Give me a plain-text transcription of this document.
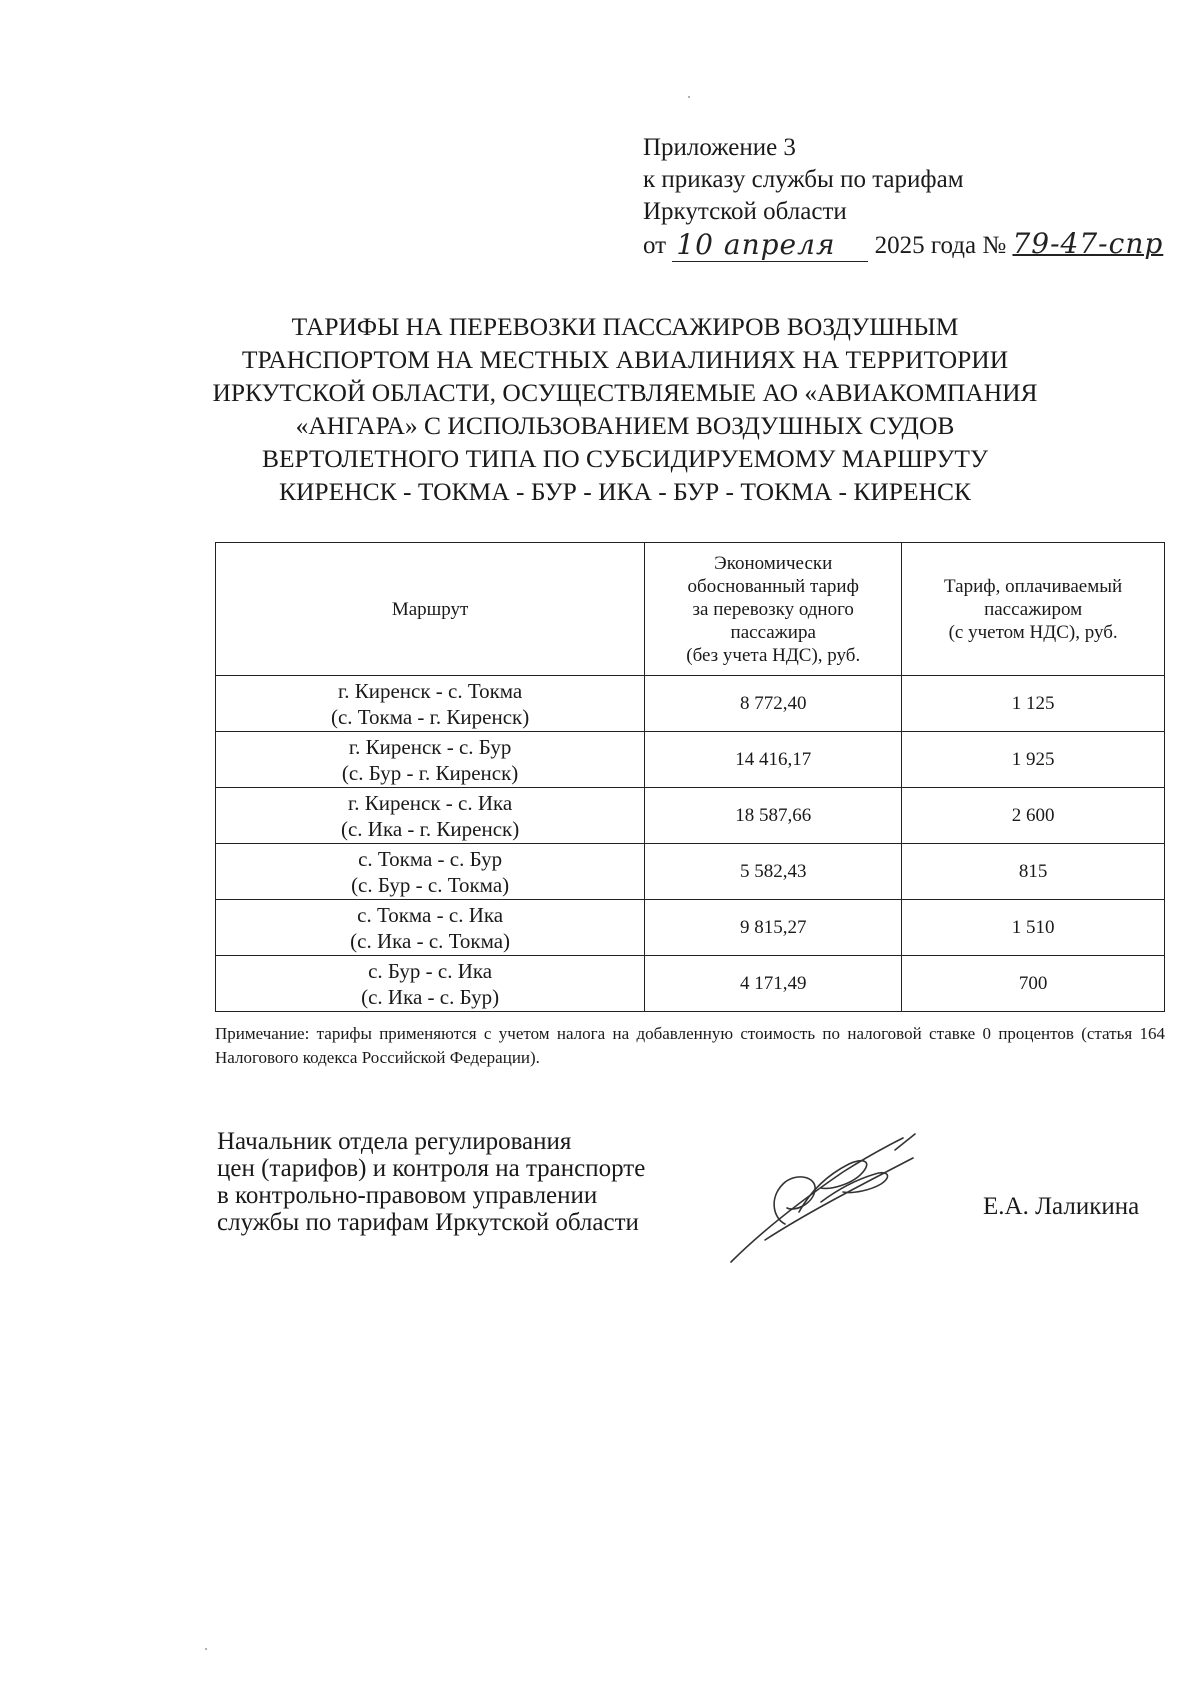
Приложение 3
к приказу службы по тарифам
Иркутской области
от 10 апреля 2025 года № 79-47-спр
ТАРИФЫ НА ПЕРЕВОЗКИ ПАССАЖИРОВ ВОЗДУШНЫМ
ТРАНСПОРТОМ НА МЕСТНЫХ АВИАЛИНИЯХ НА ТЕРРИТОРИИ
ИРКУТСКОЙ ОБЛАСТИ, ОСУЩЕСТВЛЯЕМЫЕ АО «АВИАКОМПАНИЯ
«АНГАРА» С ИСПОЛЬЗОВАНИЕМ ВОЗДУШНЫХ СУДОВ
ВЕРТОЛЕТНОГО ТИПА ПО СУБСИДИРУЕМОМУ МАРШРУТУ
КИРЕНСК - ТОКМА - БУР - ИКА - БУР - ТОКМА - КИРЕНСК
Маршрут	Экономически
обоснованный тариф
за перевозку одного
пассажира
(без учета НДС), руб.	Тариф, оплачиваемый
пассажиром
(с учетом НДС), руб.

г. Киренск - с. Токма
(с. Токма - г. Киренск)	8 772,40	1 125

г. Киренск - с. Бур
(с. Бур - г. Киренск)	14 416,17	1 925

г. Киренск - с. Ика
(с. Ика - г. Киренск)	18 587,66	2 600

с. Токма - с. Бур
(с. Бур - с. Токма)	5 582,43	815

с. Токма - с. Ика
(с. Ика - с. Токма)	9 815,27	1 510

с. Бур - с. Ика
(с. Ика - с. Бур)	4 171,49	700
Примечание: тарифы применяются с учетом налога на добавленную стоимость по налоговой ставке 0 процентов (статья 164 Налогового кодекса Российской Федерации).
Начальник отдела регулирования
цен (тарифов) и контроля на транспорте
в контрольно-правовом управлении
службы по тарифам Иркутской области
Е.А. Лаликина
